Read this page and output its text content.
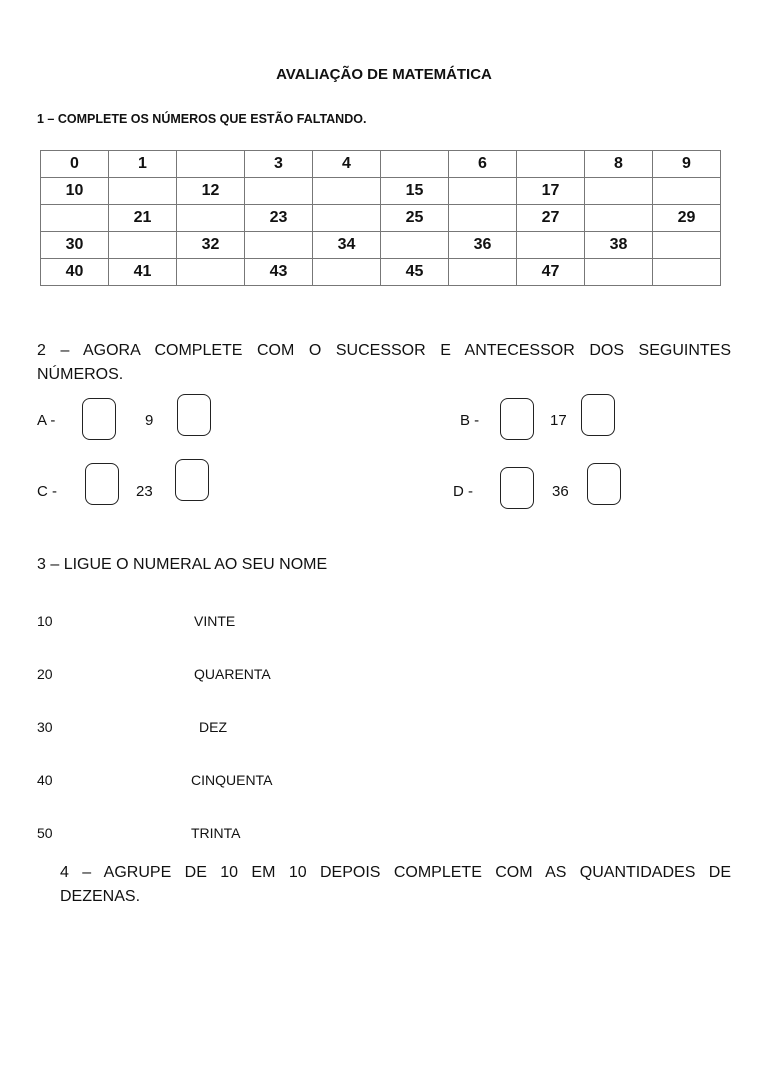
AVALIAÇÃO DE MATEMÁTICA
1 – COMPLETE OS NÚMEROS QUE ESTÃO FALTANDO.
0	1		3	4		6		8	9
10		12			15		17		
	21		23		25		27		29
30		32		34		36		38	
40	41		43		45		47		
2 – AGORA COMPLETE COM O SUCESSOR E ANTECESSOR DOS SEGUINTES
NÚMEROS.
A -	9	B -	17
C -	23	D -	36
3 – LIGUE O NUMERAL AO SEU NOME
10
20
30
40
50
VINTE
QUARENTA
DEZ
CINQUENTA
TRINTA
4 – AGRUPE DE 10 EM 10 DEPOIS COMPLETE COM AS QUANTIDADES DE
DEZENAS.
